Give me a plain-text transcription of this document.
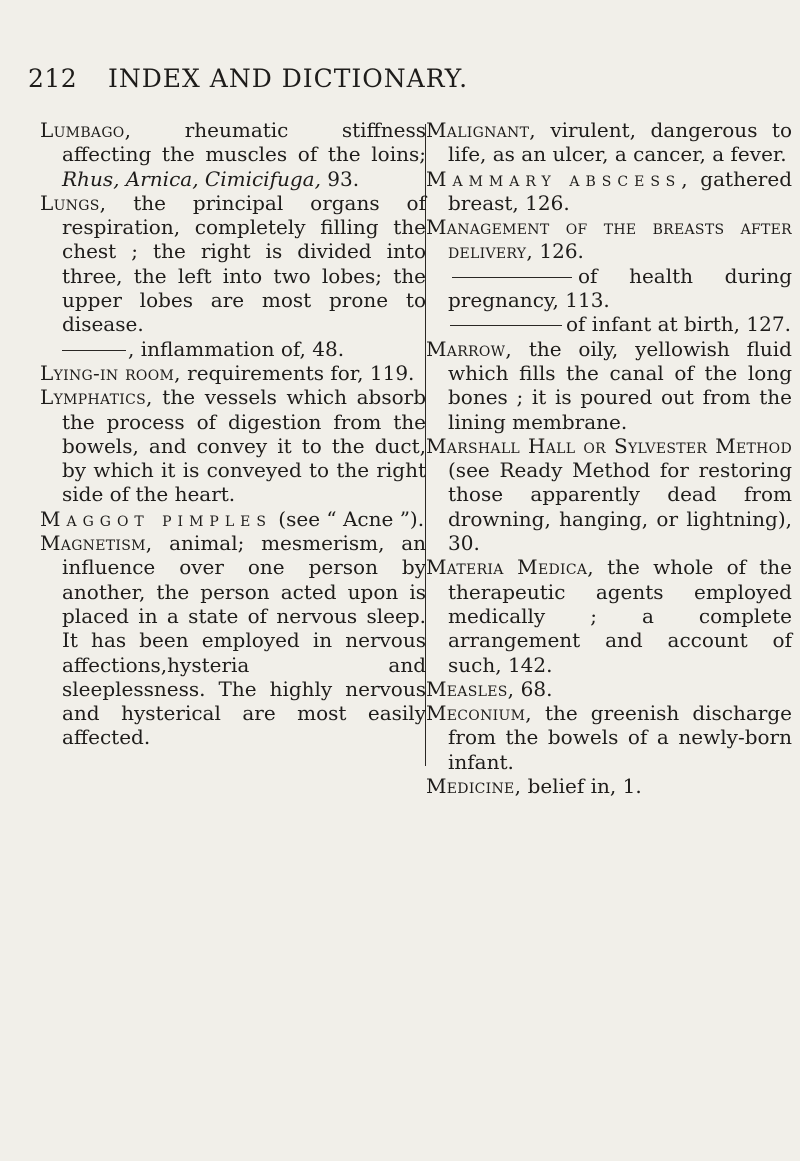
212 INDEX AND DICTIONARY.

Lumbago, rheumatic stiffness affecting the muscles of the loins; Rhus, Arnica, Cimicifuga, 93.

Lungs, the principal organs of respiration, completely filling the chest ; the right is divided into three, the left into two lobes; the upper lobes are most prone to disease.

, inflammation of, 48.

Lying-in room, requirements for, 119.

Lymphatics, the vessels which absorb the process of digestion from the bowels, and convey it to the duct, by which it is conveyed to the right side of the heart.

Maggot pimples (see “ Acne ”).

Magnetism, animal; mesmerism, an influence over one person by another, the person acted upon is placed in a state of nervous sleep. It has been employed in nervous affections,hysteria and sleeplessness. The highly nervous and hysterical are most easily affected.

Malignant, virulent, dangerous to life, as an ulcer, a cancer, a fever.

Mammary abscess, gathered breast, 126.

Management of the breasts after delivery, 126.

of health during pregnancy, 113.

of infant at birth, 127.

Marrow, the oily, yellowish fluid which fills the canal of the long bones ; it is poured out from the lining membrane.

Marshall Hall or Sylvester Method (see Ready Method for restoring those apparently dead from drowning, hanging, or lightning), 30.

Materia Medica, the whole of the therapeutic agents employed medically ; a complete arrangement and account of such, 142.

Measles, 68.

Meconium, the greenish discharge from the bowels of a newly-born infant.

Medicine, belief in, 1.
